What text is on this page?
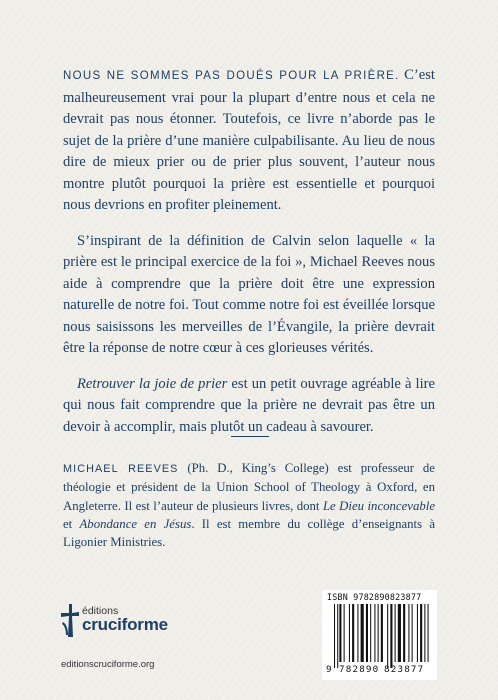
NOUS NE SOMMES PAS DOUÉS POUR LA PRIÈRE. C’est malheureusement vrai pour la plupart d’entre nous et cela ne devrait pas nous étonner. Toutefois, ce livre n’aborde pas le sujet de la prière d’une manière culpabilisante. Au lieu de nous dire de mieux prier ou de prier plus souvent, l’auteur nous montre plutôt pourquoi la prière est essentielle et pourquoi nous devrions en profiter pleinement.

S’inspirant de la définition de Calvin selon laquelle « la prière est le principal exercice de la foi », Michael Reeves nous aide à comprendre que la prière doit être une expression naturelle de notre foi. Tout comme notre foi est éveillée lorsque nous saisissons les merveilles de l’Évangile, la prière devrait être la réponse de notre cœur à ces glorieuses vérités.

Retrouver la joie de prier est un petit ouvrage agréable à lire qui nous fait comprendre que la prière ne devrait pas être un devoir à accomplir, mais plutôt un cadeau à savourer.

MICHAEL REEVES (Ph. D., King’s College) est professeur de théologie et président de la Union School of Theology à Oxford, en Angleterre. Il est l’auteur de plusieurs livres, dont Le Dieu inconcevable et Abondance en Jésus. Il est membre du collège d’enseignants à Ligonier Ministries.
éditions
cruciforme
editionscruciforme.org
ISBN 9782890823877
9 782890 823877
